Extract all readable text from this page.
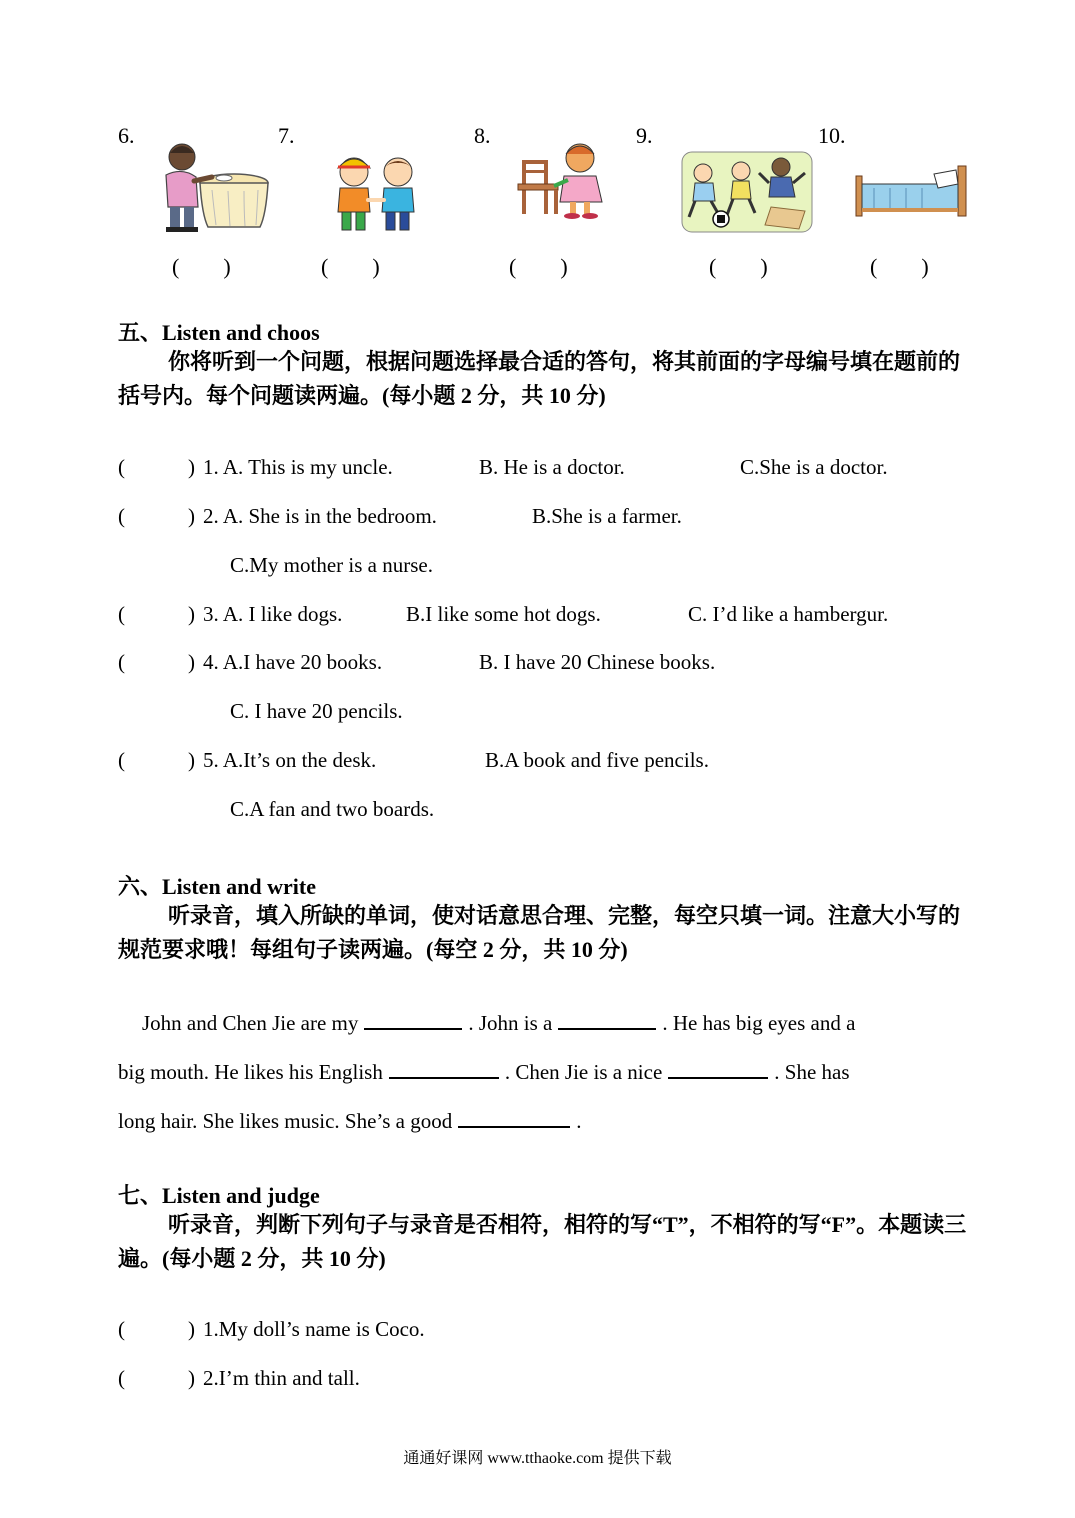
6.	7.	8.	9.	10.
(　　)	(　　)	(　　)	(　　)	(　　)
五、Listen and choos
你将听到一个问题，根据问题选择最合适的答句，将其前面的字母编号填在题前的括号内。每个问题读两遍。(每小题 2 分，共 10 分)
(	) 1. A. This is my uncle.	B. He is a doctor.	C.She is a doctor.
(	) 2. A. She is in the bedroom.	B.She is a farmer.
C.My mother is a nurse.
(	) 3. A. I like dogs.	B.I like some hot dogs.	C. I’d like a hambergur.
(	) 4. A.I have 20 books.	B. I have 20 Chinese books.
C. I have 20 pencils.
(	) 5. A.It’s on the desk.	B.A book and five pencils.
C.A fan and two boards.
六、Listen and write
听录音，填入所缺的单词，使对话意思合理、完整，每空只填一词。注意大小写的规范要求哦！每组句子读两遍。(每空 2 分，共 10 分)
John and Chen Jie are my	. John is a	. He has big eyes and a
big mouth. He likes his English	. Chen Jie is a nice	. She has
long hair. She likes music. She’s a good	.
七、Listen and judge
听录音，判断下列句子与录音是否相符，相符的写“T”，不相符的写“F”。本题读三遍。(每小题 2 分，共 10 分)
(	) 1.My doll’s name is Coco.
(	) 2.I’m thin and tall.
通通好课网 www.tthaoke.com 提供下载
